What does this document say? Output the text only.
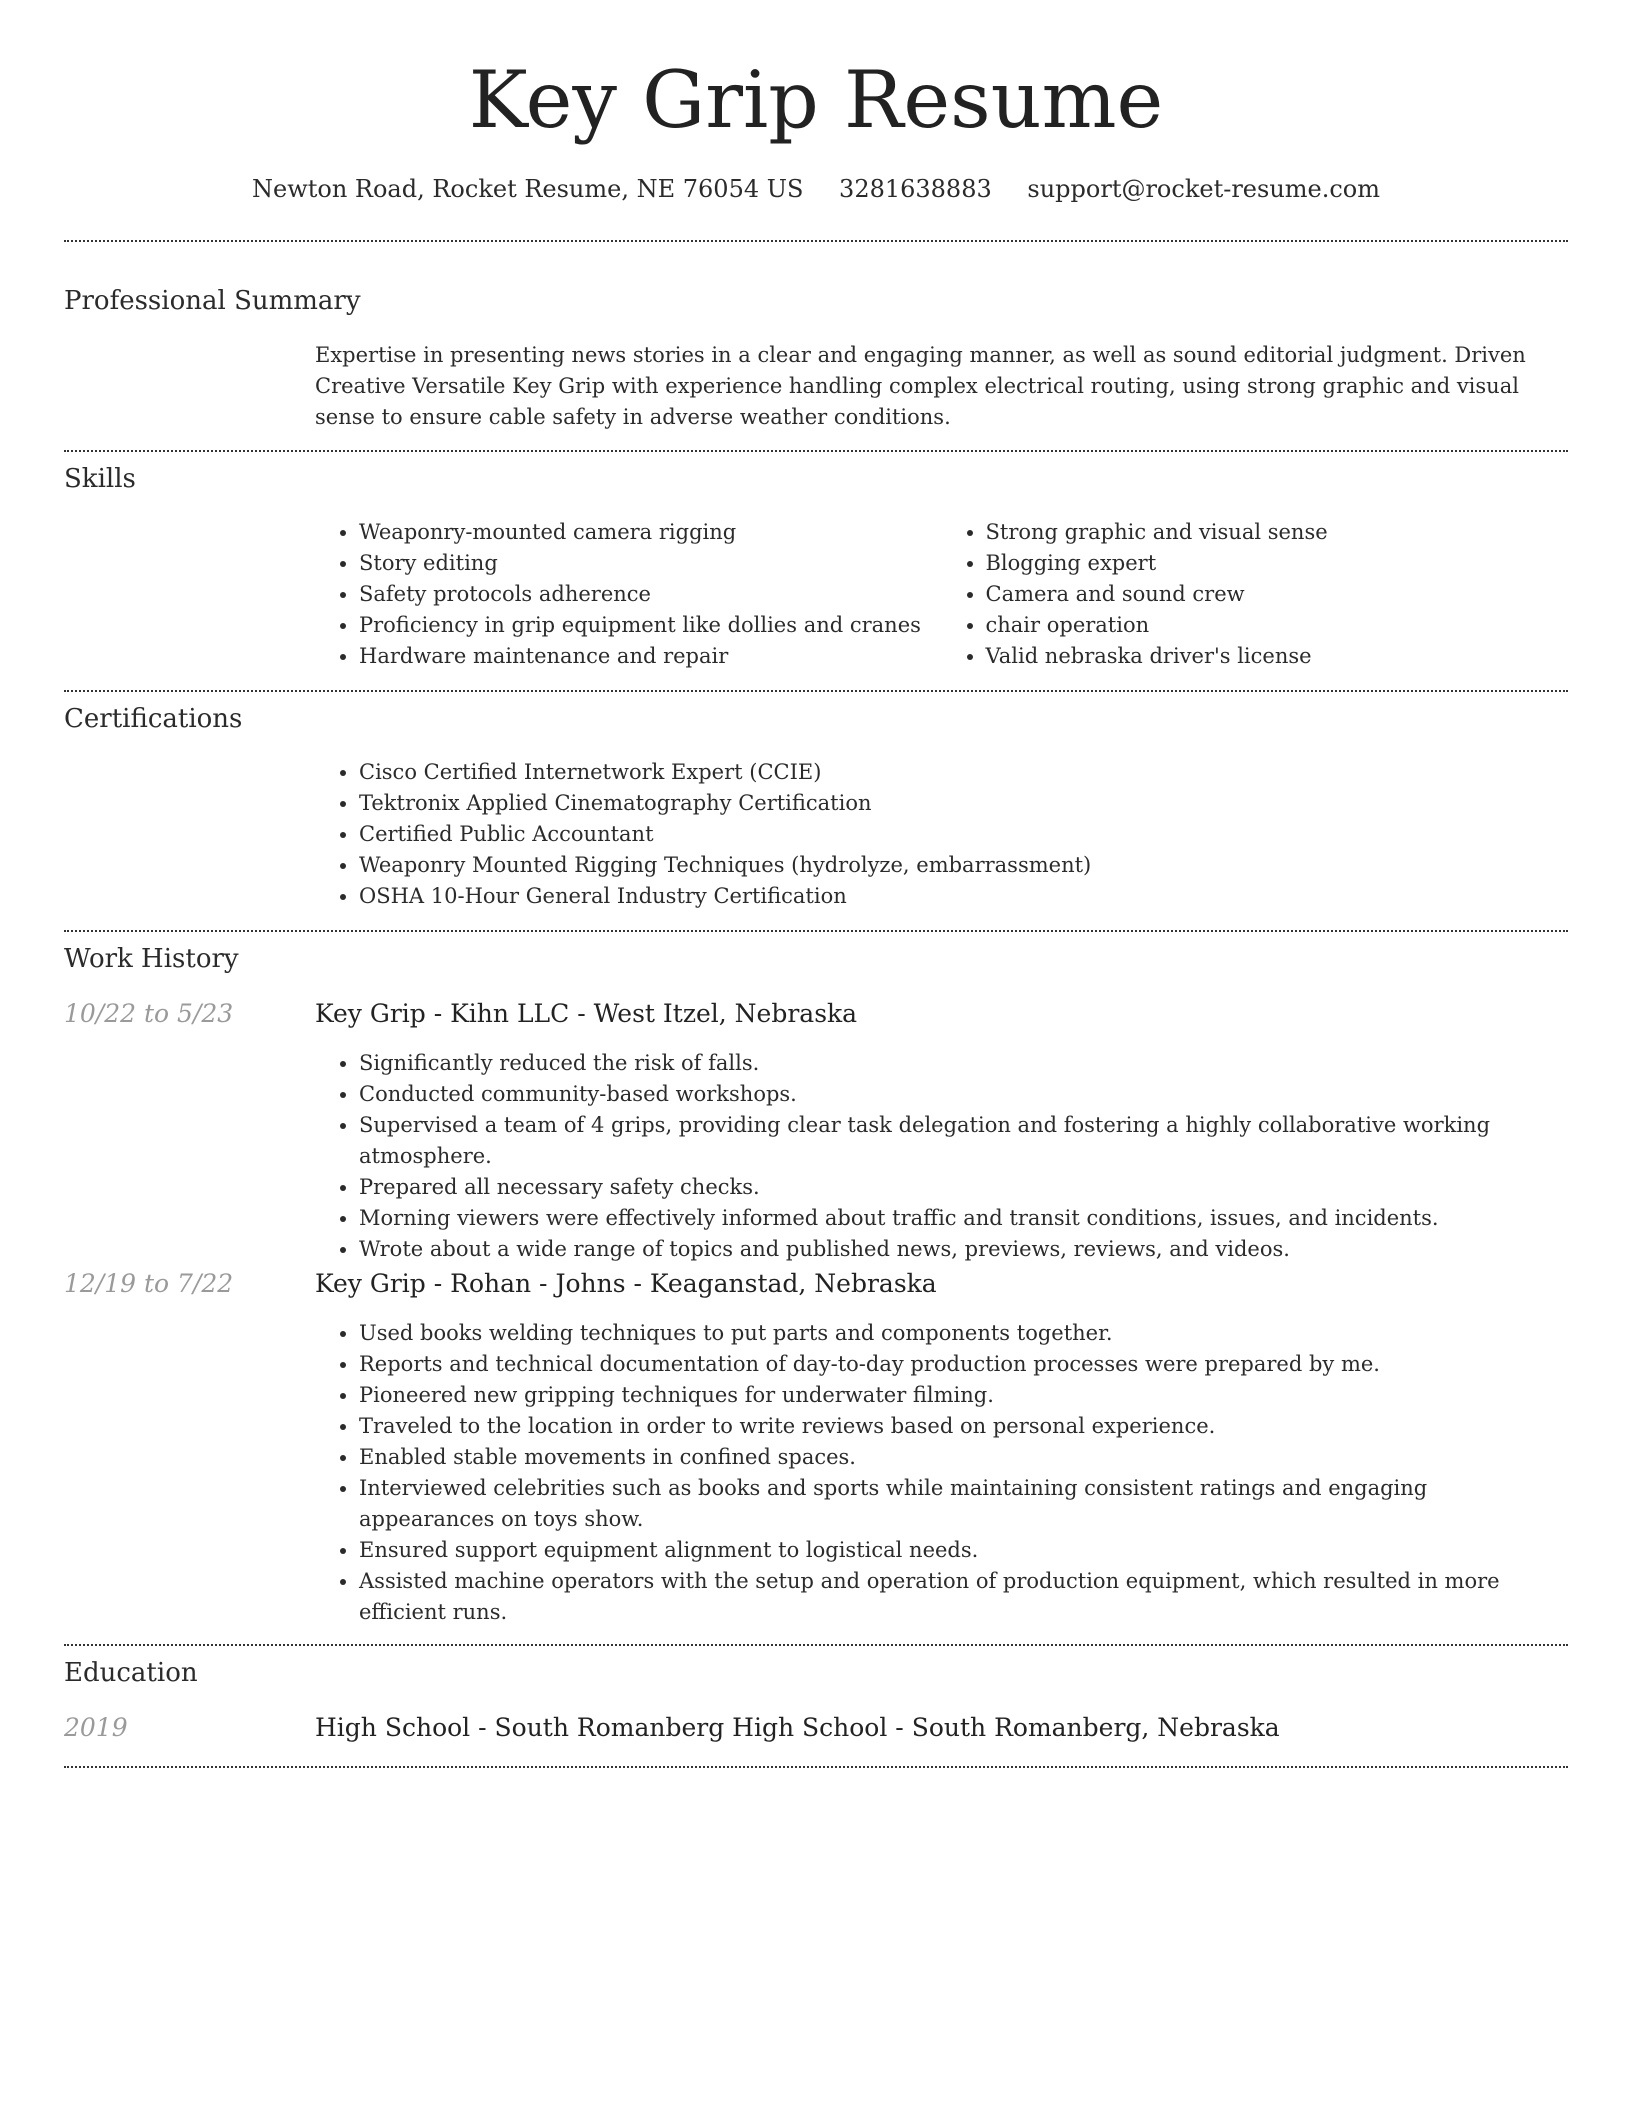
Key Grip Resume
Newton Road, Rocket Resume, NE 76054 US 3281638883 support@rocket-resume.com
Professional Summary

Expertise in presenting news stories in a clear and engaging manner, as well as sound editorial judgment. Driven Creative Versatile Key Grip with experience handling complex electrical routing, using strong graphic and visual sense to ensure cable safety in adverse weather conditions.

Skills
• Weaponry-mounted camera rigging
• Story editing
• Safety protocols adherence
• Proficiency in grip equipment like dollies and cranes
• Hardware maintenance and repair
• Strong graphic and visual sense
• Blogging expert
• Camera and sound crew
• chair operation
• Valid nebraska driver's license
Certifications
• Cisco Certified Internetwork Expert (CCIE)
• Tektronix Applied Cinematography Certification
• Certified Public Accountant
• Weaponry Mounted Rigging Techniques (hydrolyze, embarrassment)
• OSHA 10-Hour General Industry Certification
Work History
10/22 to 5/23	Key Grip - Kihn LLC - West Itzel, Nebraska
• Significantly reduced the risk of falls.
• Conducted community-based workshops.
• Supervised a team of 4 grips, providing clear task delegation and fostering a highly collaborative working atmosphere.
• Prepared all necessary safety checks.
• Morning viewers were effectively informed about traffic and transit conditions, issues, and incidents.
• Wrote about a wide range of topics and published news, previews, reviews, and videos.
12/19 to 7/22	Key Grip - Rohan - Johns - Keaganstad, Nebraska
• Used books welding techniques to put parts and components together.
• Reports and technical documentation of day-to-day production processes were prepared by me.
• Pioneered new gripping techniques for underwater filming.
• Traveled to the location in order to write reviews based on personal experience.
• Enabled stable movements in confined spaces.
• Interviewed celebrities such as books and sports while maintaining consistent ratings and engaging appearances on toys show.
• Ensured support equipment alignment to logistical needs.
• Assisted machine operators with the setup and operation of production equipment, which resulted in more efficient runs.
Education
2019	High School - South Romanberg High School - South Romanberg, Nebraska
